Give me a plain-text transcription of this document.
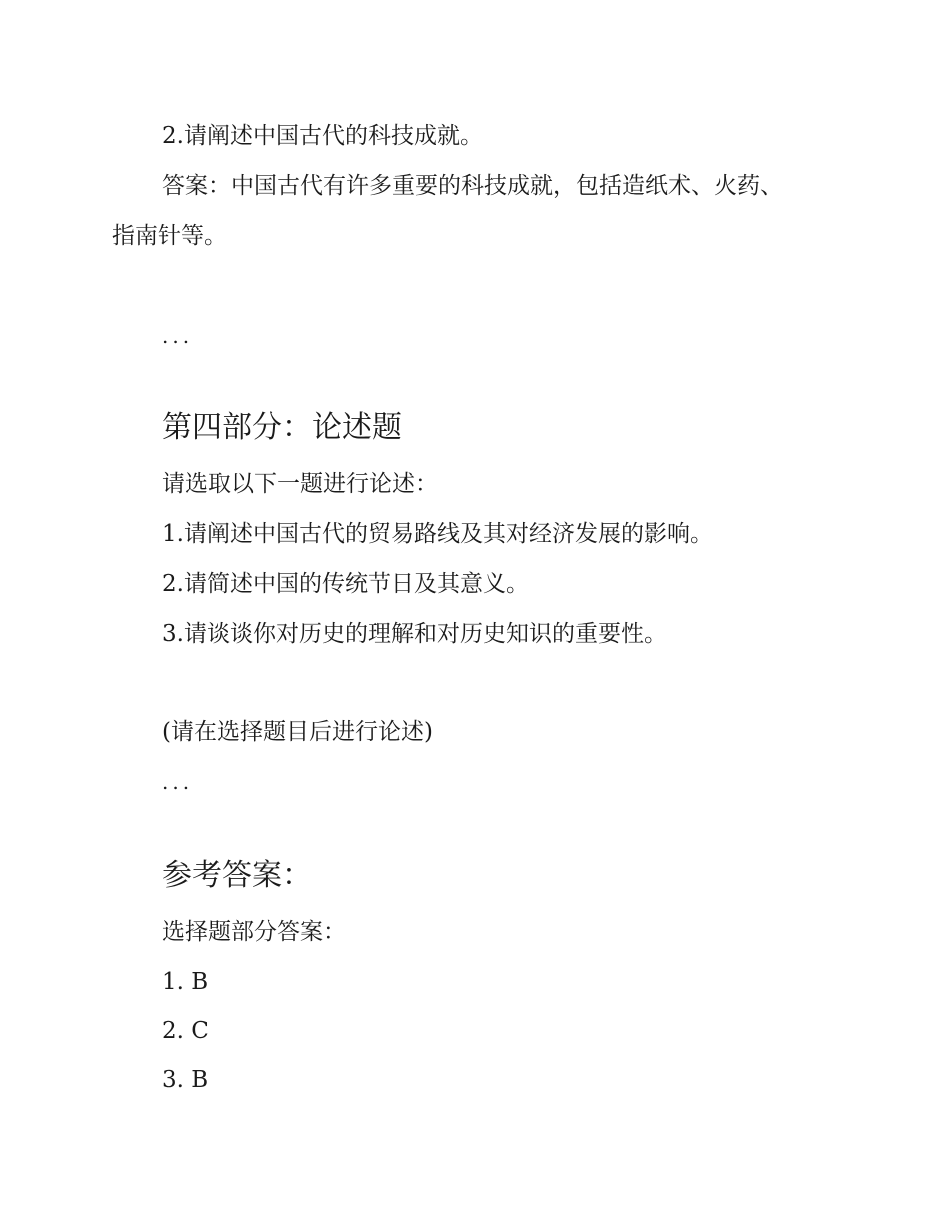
2.请阐述中国古代的科技成就。
答案：中国古代有许多重要的科技成就，包括造纸术、火药、
指南针等。
...
第四部分：论述题
请选取以下一题进行论述：
1.请阐述中国古代的贸易路线及其对经济发展的影响。
2.请简述中国的传统节日及其意义。
3.请谈谈你对历史的理解和对历史知识的重要性。
(请在选择题目后进行论述)
...
参考答案：
选择题部分答案：
1. B
2. C
3. B
